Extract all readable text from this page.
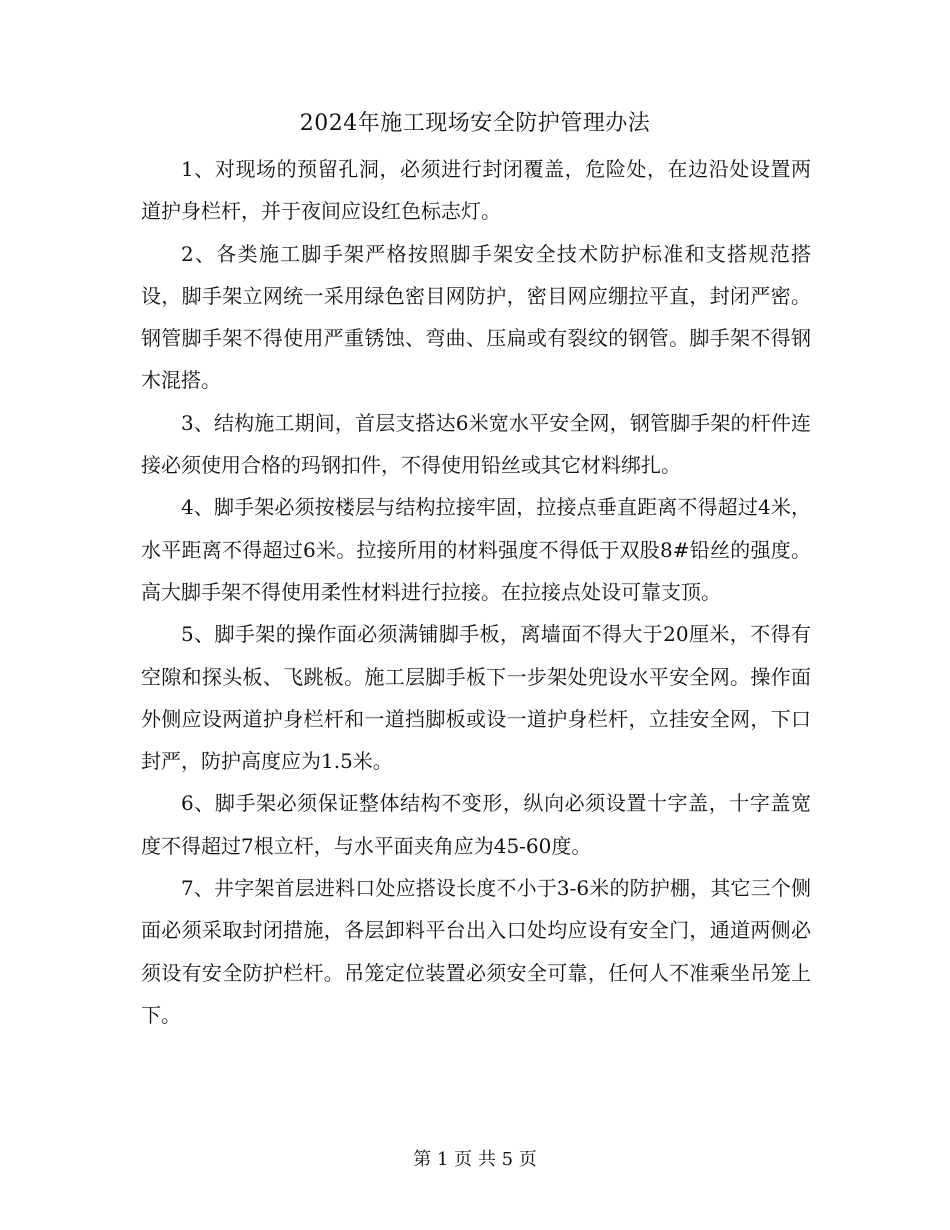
2024年施工现场安全防护管理办法

1、对现场的预留孔洞，必须进行封闭覆盖，危险处，在边沿处设置两道护身栏杆，并于夜间应设红色标志灯。

2、各类施工脚手架严格按照脚手架安全技术防护标准和支搭规范搭设，脚手架立网统一采用绿色密目网防护，密目网应绷拉平直，封闭严密。钢管脚手架不得使用严重锈蚀、弯曲、压扁或有裂纹的钢管。脚手架不得钢木混搭。

3、结构施工期间，首层支搭达6米宽水平安全网，钢管脚手架的杆件连接必须使用合格的玛钢扣件，不得使用铅丝或其它材料绑扎。

4、脚手架必须按楼层与结构拉接牢固，拉接点垂直距离不得超过4米，水平距离不得超过6米。拉接所用的材料强度不得低于双股8#铅丝的强度。高大脚手架不得使用柔性材料进行拉接。在拉接点处设可靠支顶。

5、脚手架的操作面必须满铺脚手板，离墙面不得大于20厘米，不得有空隙和探头板、飞跳板。施工层脚手板下一步架处兜设水平安全网。操作面外侧应设两道护身栏杆和一道挡脚板或设一道护身栏杆，立挂安全网，下口封严，防护高度应为1.5米。

6、脚手架必须保证整体结构不变形，纵向必须设置十字盖，十字盖宽度不得超过7根立杆，与水平面夹角应为45-60度。

7、井字架首层进料口处应搭设长度不小于3-6米的防护棚，其它三个侧面必须采取封闭措施，各层卸料平台出入口处均应设有安全门，通道两侧必须设有安全防护栏杆。吊笼定位装置必须安全可靠，任何人不准乘坐吊笼上下。

第 1 页 共 5 页
